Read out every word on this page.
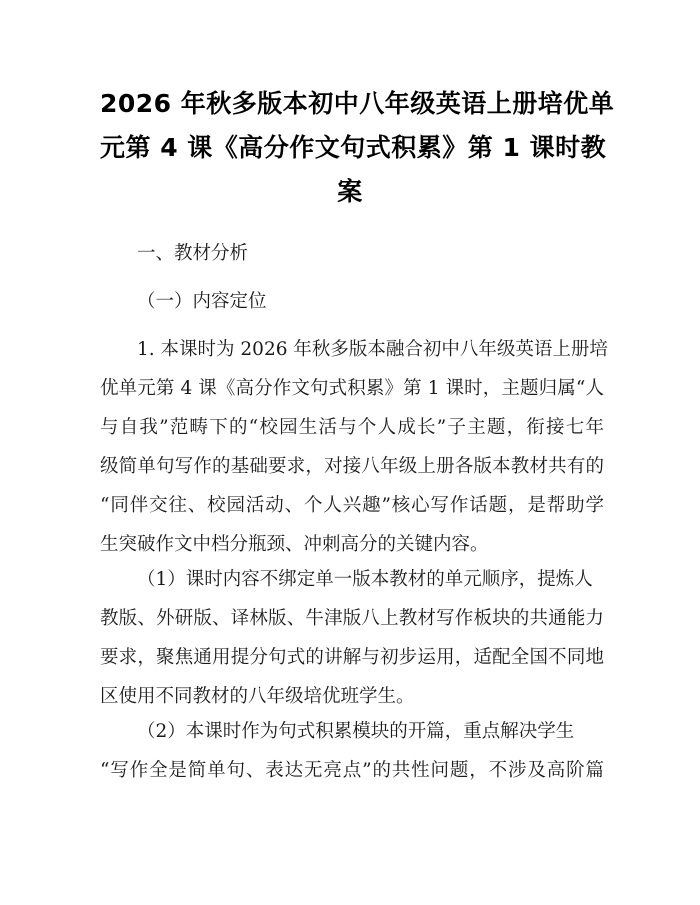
2026 年秋多版本初中八年级英语上册培优单
元第 4 课《高分作文句式积累》第 1 课时教
案
一、教材分析
（一）内容定位
1. 本课时为 2026 年秋多版本融合初中八年级英语上册培
优单元第 4 课《高分作文句式积累》第 1 课时，主题归属“人
与自我”范畴下的“校园生活与个人成长”子主题，衔接七年
级简单句写作的基础要求，对接八年级上册各版本教材共有的
“同伴交往、校园活动、个人兴趣”核心写作话题，是帮助学
生突破作文中档分瓶颈、冲刺高分的关键内容。
（1）课时内容不绑定单一版本教材的单元顺序，提炼人
教版、外研版、译林版、牛津版八上教材写作板块的共通能力
要求，聚焦通用提分句式的讲解与初步运用，适配全国不同地
区使用不同教材的八年级培优班学生。
（2）本课时作为句式积累模块的开篇，重点解决学生
“写作全是简单句、表达无亮点”的共性问题，不涉及高阶篇
